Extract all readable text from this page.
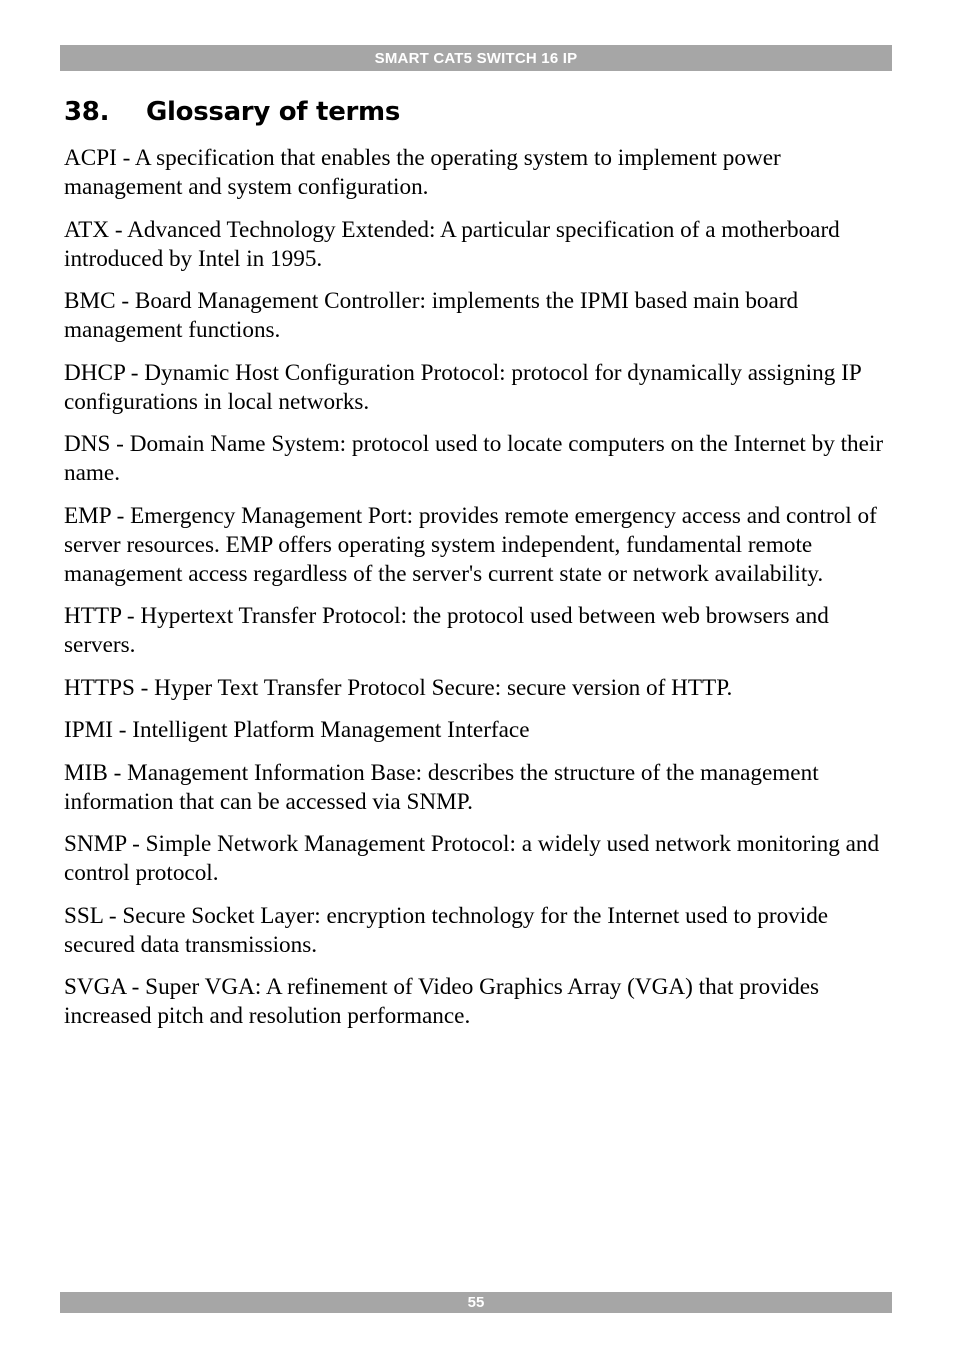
SMART CAT5 SWITCH 16 IP
38.	Glossary of terms

ACPI - A specification that enables the operating system to implement power management and system configuration.

ATX - Advanced Technology Extended: A particular specification of a motherboard introduced by Intel in 1995.

BMC - Board Management Controller: implements the IPMI based main board management functions.

DHCP - Dynamic Host Configuration Protocol: protocol for dynamically assigning IP configurations in local networks.

DNS - Domain Name System: protocol used to locate computers on the Internet by their name.

EMP - Emergency Management Port: provides remote emergency access and control of server resources. EMP offers operating system independent, fundamental remote management access regardless of the server's current state or network availability.

HTTP - Hypertext Transfer Protocol: the protocol used between web browsers and servers.

HTTPS - Hyper Text Transfer Protocol Secure: secure version of HTTP.

IPMI - Intelligent Platform Management Interface

MIB - Management Information Base: describes the structure of the management information that can be accessed via SNMP.

SNMP - Simple Network Management Protocol: a widely used network monitoring and control protocol.

SSL - Secure Socket Layer: encryption technology for the Internet used to provide secured data transmissions.

SVGA - Super VGA: A refinement of Video Graphics Array (VGA) that provides increased pitch and resolution performance.

55
